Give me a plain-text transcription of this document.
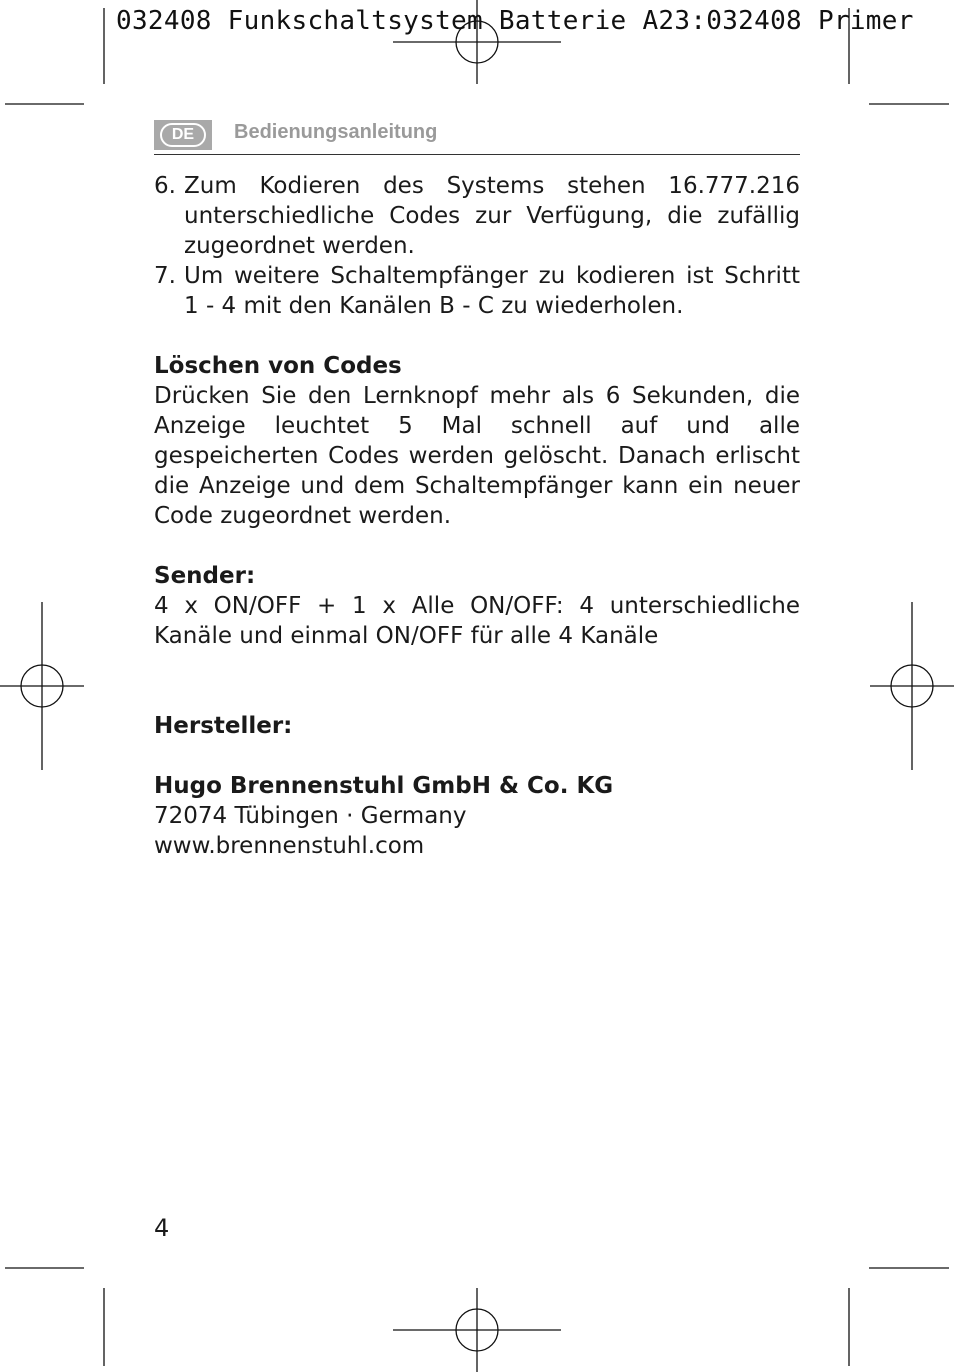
032408 Funkschaltsystem Batterie A23:032408 Primer
DE	Bedienungsanleitung
6. Zum Kodieren des Systems stehen 16.777.216 unterschiedliche Codes zur Verfügung, die zufällig zugeordnet werden.
7. Um weitere Schaltempfänger zu kodieren ist Schritt 1 - 4 mit den Kanälen B - C zu wiederholen.
Löschen von Codes

Drücken Sie den Lernknopf mehr als 6 Sekunden, die Anzeige leuchtet 5 Mal schnell auf und alle gespeicherten Codes werden gelöscht. Danach erlischt die Anzeige und dem Schaltempfänger kann ein neuer Code zugeordnet werden.

Sender:

4 x ON/OFF + 1 x Alle ON/OFF: 4 unterschiedliche Kanäle und einmal ON/OFF für alle 4 Kanäle

Hersteller:
Hugo Brennenstuhl GmbH & Co. KG
72074 Tübingen · Germany
www.brennenstuhl.com
4
